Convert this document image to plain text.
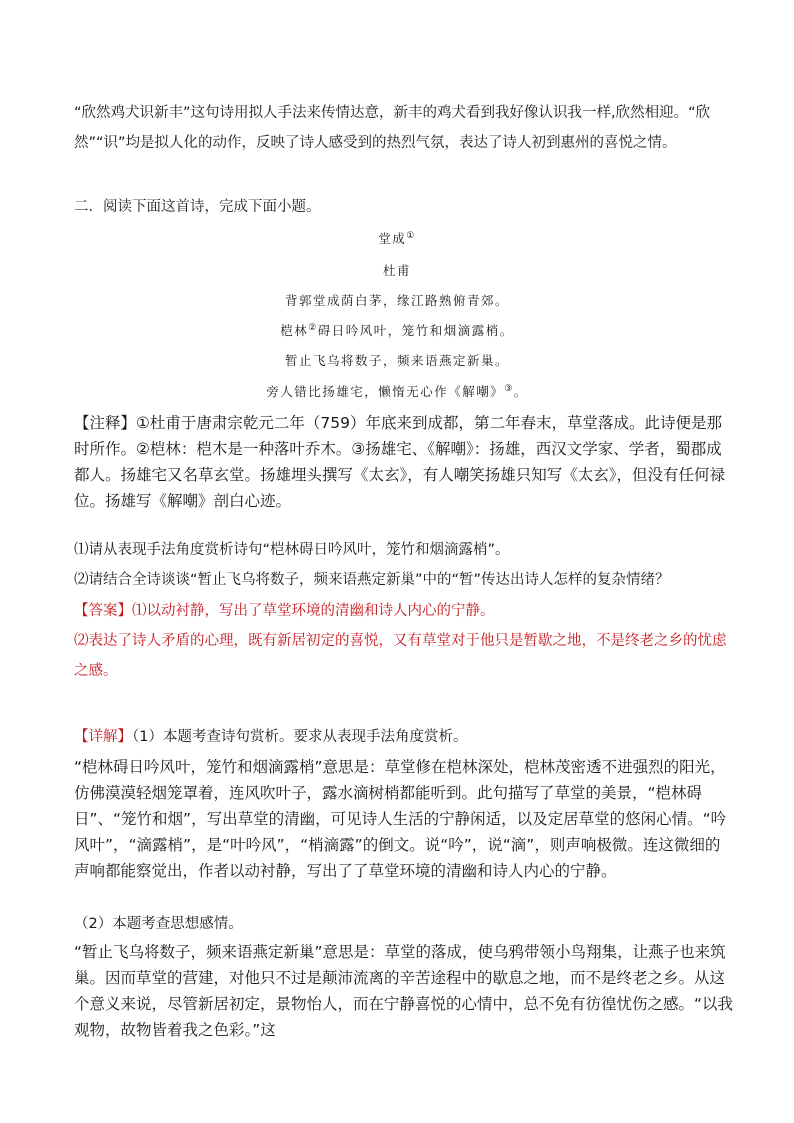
“欣然鸡犬识新丰”这句诗用拟人手法来传情达意，新丰的鸡犬看到我好像认识我一样,欣然相迎。“欣然”“识”均是拟人化的动作，反映了诗人感受到的热烈气氛，表达了诗人初到惠州的喜悦之情。

二．阅读下面这首诗，完成下面小题。

堂成①

杜甫

背郭堂成荫白茅，缘江路熟俯青郊。

桤林②碍日吟风叶，笼竹和烟滴露梢。

暂止飞乌将数子，频来语燕定新巢。

旁人错比扬雄宅，懒惰无心作《解嘲》③。

【注释】①杜甫于唐肃宗乾元二年（759）年底来到成都，第二年春末，草堂落成。此诗便是那时所作。②桤林：桤木是一种落叶乔木。③扬雄宅、《解嘲》：扬雄，西汉文学家、学者，蜀郡成都人。扬雄宅又名草玄堂。扬雄埋头撰写《太玄》，有人嘲笑扬雄只知写《太玄》，但没有任何禄位。扬雄写《解嘲》剖白心迹。

⑴请从表现手法角度赏析诗句“桤林碍日吟风叶，笼竹和烟滴露梢”。

⑵请结合全诗谈谈“暂止飞乌将数子，频来语燕定新巢”中的“暂”传达出诗人怎样的复杂情绪？

【答案】⑴以动衬静，写出了草堂环境的清幽和诗人内心的宁静。

⑵表达了诗人矛盾的心理，既有新居初定的喜悦，又有草堂对于他只是暂歇之地，不是终老之乡的忧虑之感。

【详解】（1）本题考查诗句赏析。要求从表现手法角度赏析。

“桤林碍日吟风叶，笼竹和烟滴露梢”意思是：草堂修在桤林深处，桤林茂密透不进强烈的阳光，仿佛漠漠轻烟笼罩着，连风吹叶子，露水滴树梢都能听到。此句描写了草堂的美景，“桤林碍日”、“笼竹和烟”，写出草堂的清幽，可见诗人生活的宁静闲适，以及定居草堂的悠闲心情。“吟风叶”，“滴露梢”，是“叶吟风”，“梢滴露”的倒文。说“吟”，说“滴”，则声响极微。连这微细的声响都能察觉出，作者以动衬静，写出了了草堂环境的清幽和诗人内心的宁静。

（2）本题考查思想感情。

“暂止飞乌将数子，频来语燕定新巢”意思是：草堂的落成，使乌鸦带领小鸟翔集，让燕子也来筑巢。因而草堂的营建，对他只不过是颠沛流离的辛苦途程中的歇息之地，而不是终老之乡。从这个意义来说，尽管新居初定，景物怡人，而在宁静喜悦的心情中，总不免有彷徨忧伤之感。“以我观物，故物皆着我之色彩。”这
